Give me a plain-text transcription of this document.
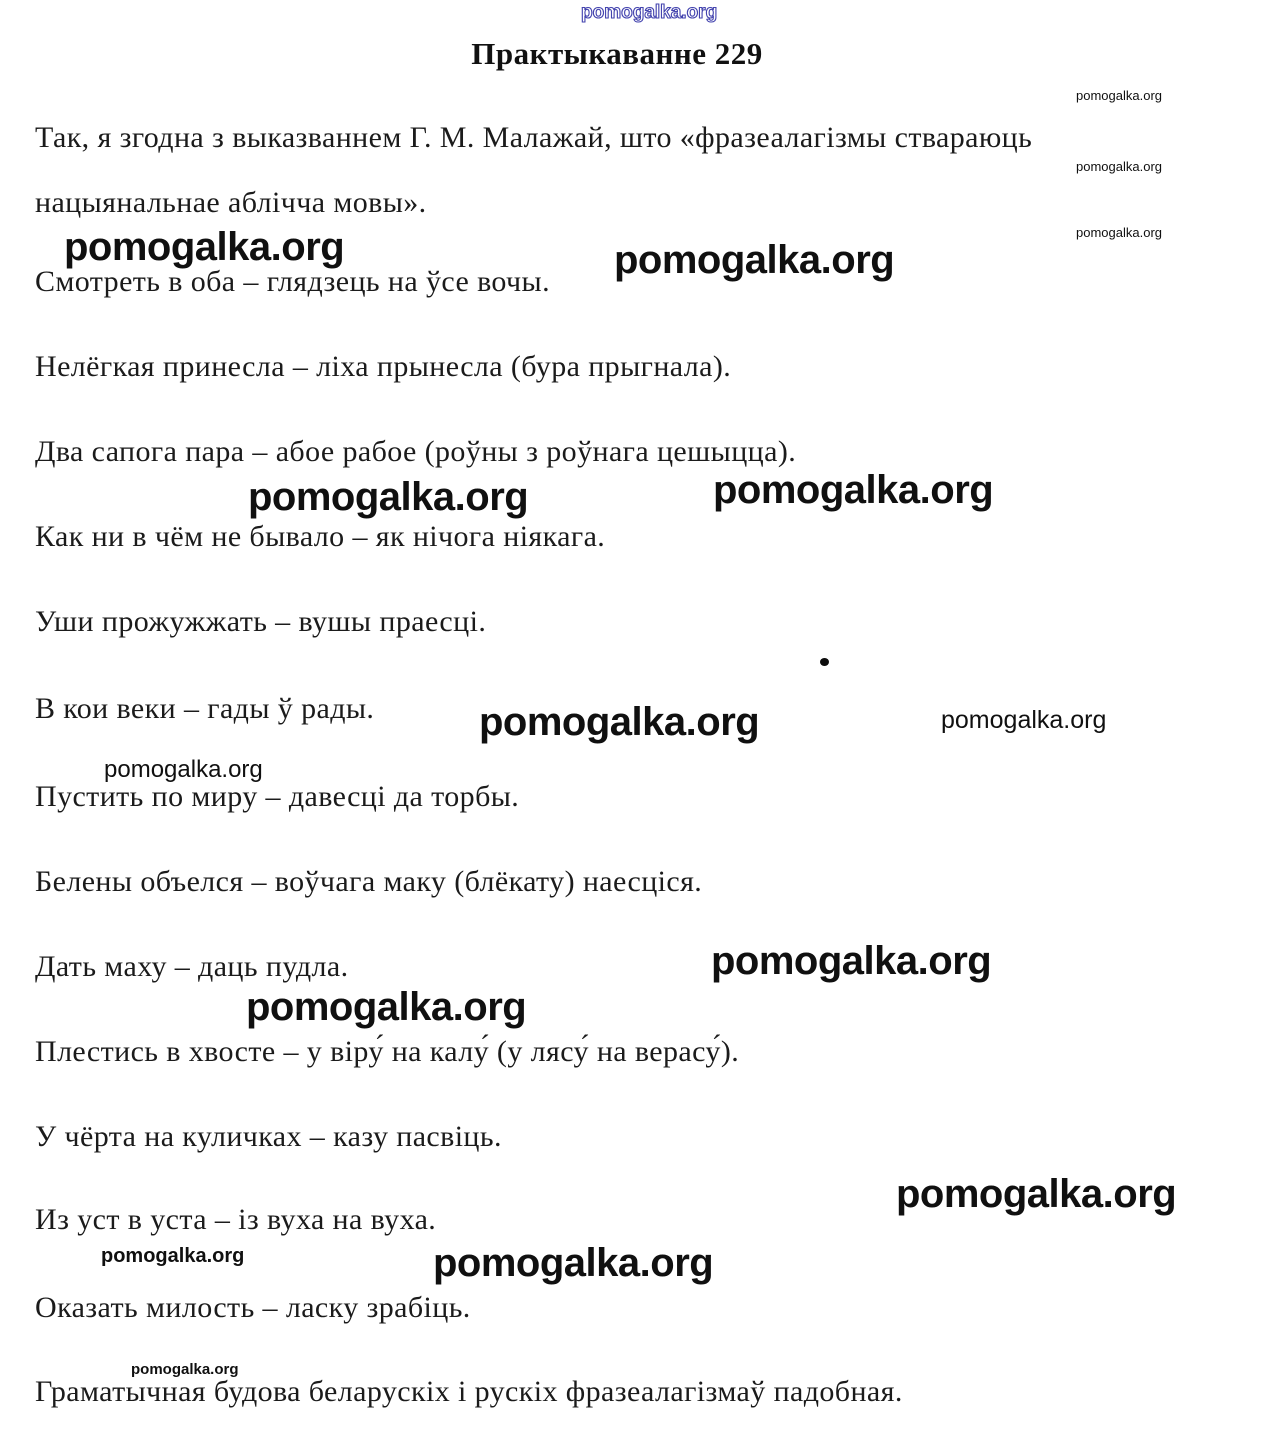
pomogalka.org
Практыкаванне 229
pomogalka.org
pomogalka.org
pomogalka.org
Так, я згодна з выказваннем Г. М. Малажай, што «фразеалагізмы ствараюць
нацыянальнае аблічча мовы».
pomogalka.org	pomogalka.org
Смотреть в оба – глядзець на ўсе вочы.
Нелёгкая принесла – ліха прынесла (бура прыгнала).
Два сапога пара – абое рабое (роўны з роўнага цешыцца).
pomogalka.org	pomogalka.org
Как ни в чём не бывало – як нічога ніякага.
Уши прожужжать – вушы праесці.
В кои веки – гады ў рады.	pomogalka.org	pomogalka.org
pomogalka.org
Пустить по миру – давесці да торбы.
Белены объелся – воўчага маку (блёкату) наесціся.
pomogalka.org
Дать маху – даць пудла.
pomogalka.org
Плестись в хвосте – у віру́ на калу́ (у лясу́ на верасу́).
У чёрта на куличках – казу пасвіць.
pomogalka.org
Из уст в уста – із вуха на вуха.
pomogalka.org	pomogalka.org
Оказать милость – ласку зрабіць.
pomogalka.org
Граматычная будова беларускіх і рускіх фразеалагізмаў падобная.
